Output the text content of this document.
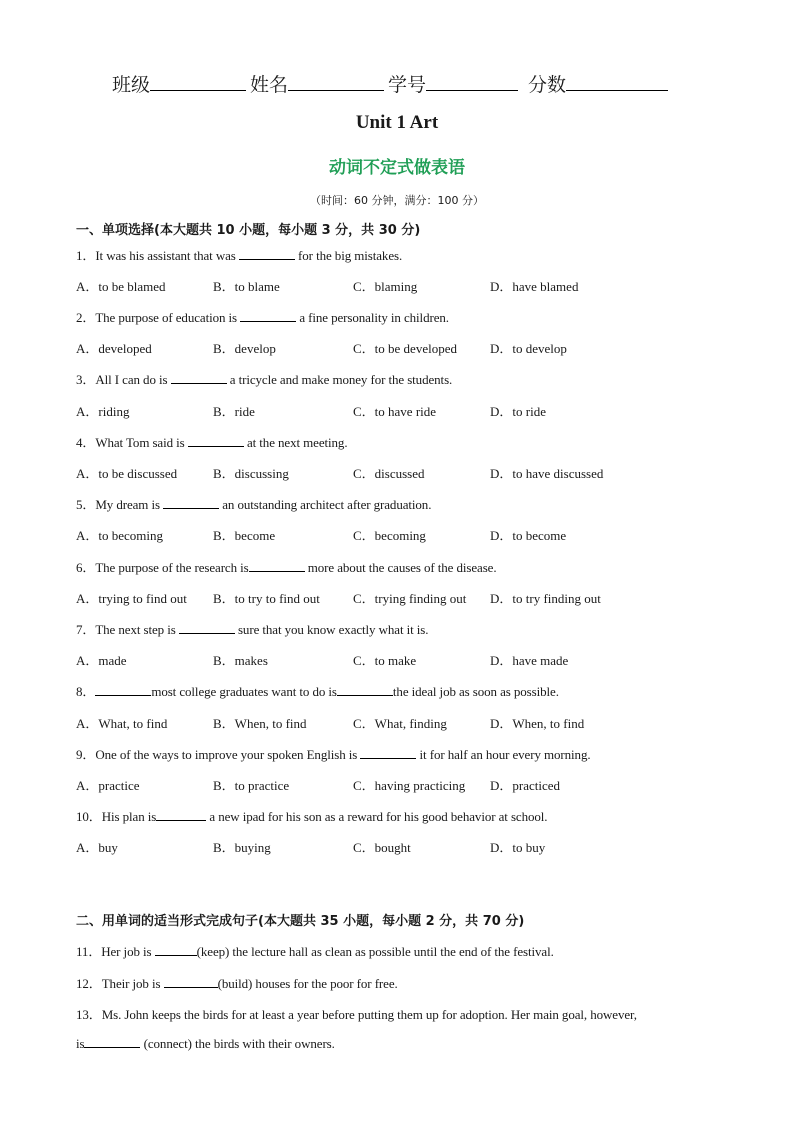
班级	姓名	学号	分数
Unit 1 Art
动词不定式做表语
（时间：60 分钟，满分：100 分）
一、单项选择(本大题共 10 小题，每小题 3 分，共 30 分)
1．It was his assistant that was	for the big mistakes.
A．to be blamed	B．to blame	C．blaming	D．have blamed
2．The purpose of education is	a fine personality in children.
A．developed	B．develop	C．to be developed	D．to develop
3．All I can do is	a tricycle and make money for the students.
A．riding	B．ride	C．to have ride	D．to ride
4．What Tom said is	at the next meeting.
A．to be discussed	B．discussing	C．discussed	D．to have discussed
5．My dream is	an outstanding architect after graduation.
A．to becoming	B．become	C．becoming	D．to become
6．The purpose of the research is	more about the causes of the disease.
A．trying to find out B．to try to find out	C．trying finding out D．to try finding out
7．The next step is	sure that you know exactly what it is.
A．made	B．makes	C．to make	D．have made
8．	most college graduates want to do is	the ideal job as soon as possible.
A．What, to find	B．When, to find	C．What, finding	D．When, to find
9．One of the ways to improve your spoken English is	it for half an hour every morning.
A．practice	B．to practice	C．having practicing D．practiced
10．His plan is	a new ipad for his son as a reward for his good behavior at school.
A．buy	B．buying	C．bought	D．to buy
二、用单词的适当形式完成句子(本大题共 35 小题，每小题 2 分，共 70 分)
11．Her job is	(keep) the lecture hall as clean as possible until the end of the festival.
12．Their job is	(build) houses for the poor for free.
13．Ms. John keeps the birds for at least a year before putting them up for adoption. Her main goal, however,
is	(connect) the birds with their owners.
